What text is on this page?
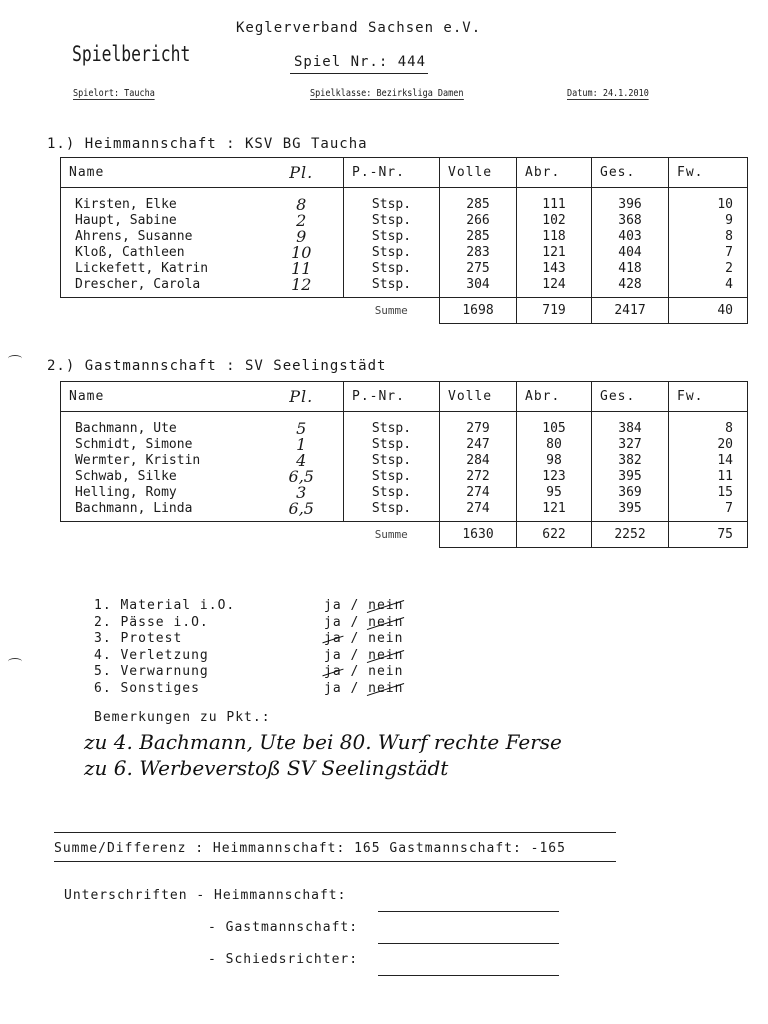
Keglerverband Sachsen e.V.
Spielbericht	Spiel Nr.: 444
Spielort: Taucha	Spielklasse: Bezirksliga Damen	Datum: 24.1.2010
1.) Heimmannschaft : KSV BG Taucha
Name	Pl.	P.-Nr.	Volle	Abr.	Ges.	Fw.

Kirsten, Elke	8	Stsp.	285	111	396	10
Haupt, Sabine	2	Stsp.	266	102	368	9
Ahrens, Susanne	9	Stsp.	285	118	403	8
Kloß, Cathleen	10	Stsp.	283	121	404	7
Lickefett, Katrin	11	Stsp.	275	143	418	2
Drescher, Carola	12	Stsp.	304	124	428	4
		Summe	1698	719	2417	40
2.) Gastmannschaft : SV Seelingstädt
Name	Pl.	P.-Nr.	Volle	Abr.	Ges.	Fw.

Bachmann, Ute	5	Stsp.	279	105	384	8
Schmidt, Simone	1	Stsp.	247	80	327	20
Wermter, Kristin	4	Stsp.	284	98	382	14
Schwab, Silke	6,5	Stsp.	272	123	395	11
Helling, Romy	3	Stsp.	274	95	369	15
Bachmann, Linda	6,5	Stsp.	274	121	395	7
		Summe	1630	622	2252	75
1. Material i.O.	ja / nein
2. Pässe i.O.	ja / nein
3. Protest	ja / nein
4. Verletzung	ja / nein
5. Verwarnung	ja / nein
6. Sonstiges	ja / nein
Bemerkungen zu Pkt.:
zu 4. Bachmann, Ute bei 80. Wurf rechte Ferse
zu 6. Werbeverstoß SV Seelingstädt
Summe/Differenz : Heimmannschaft: 165 Gastmannschaft: -165
Unterschriften - Heimmannschaft:
- Gastmannschaft:
- Schiedsrichter:
